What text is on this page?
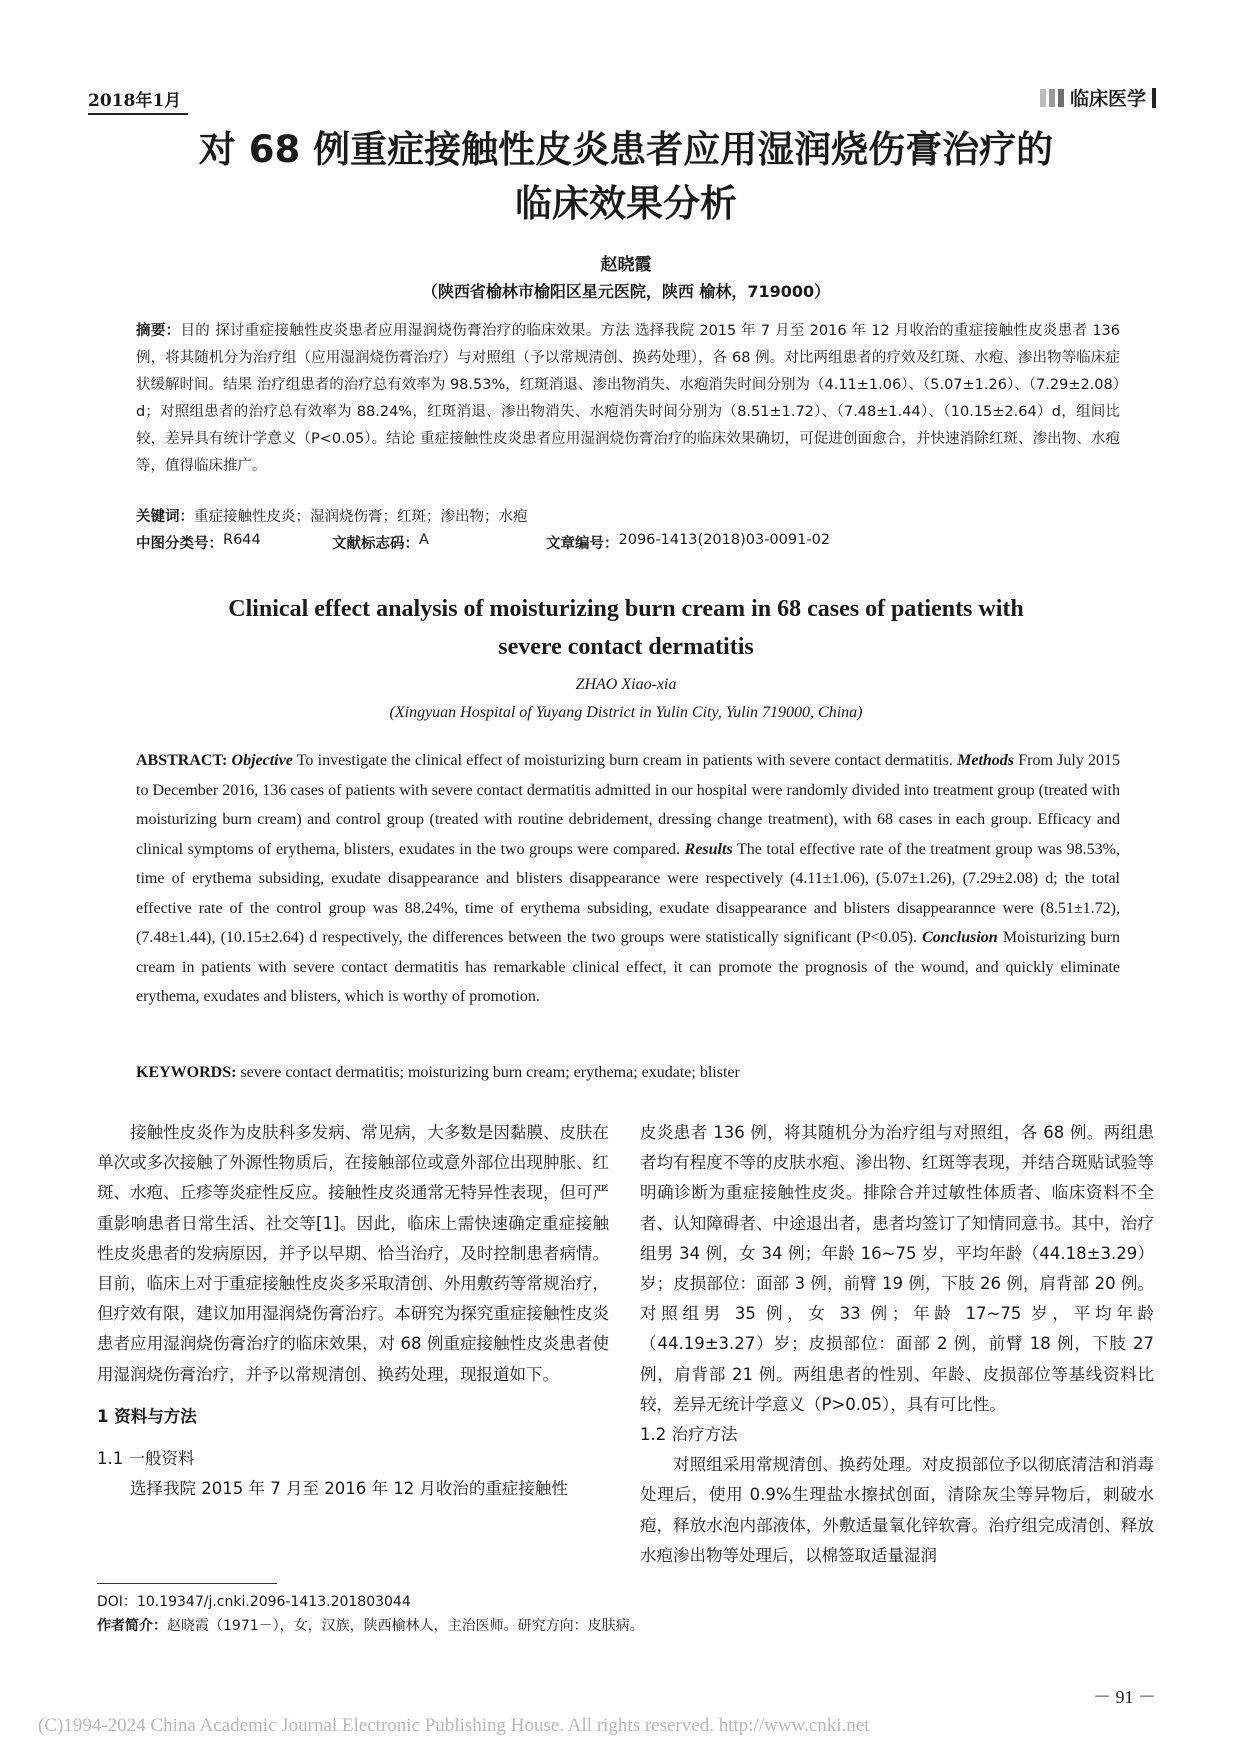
2018年1月	临床医学
对 68 例重症接触性皮炎患者应用湿润烧伤膏治疗的
临床效果分析
赵晓霞
（陕西省榆林市榆阳区星元医院，陕西 榆林，719000）
摘要：目的 探讨重症接触性皮炎患者应用湿润烧伤膏治疗的临床效果。方法 选择我院 2015 年 7 月至 2016 年 12 月收治的重症接触性皮炎患者 136 例，将其随机分为治疗组（应用湿润烧伤膏治疗）与对照组（予以常规清创、换药处理），各 68 例。对比两组患者的疗效及红斑、水疱、渗出物等临床症状缓解时间。结果 治疗组患者的治疗总有效率为 98.53%，红斑消退、渗出物消失、水疱消失时间分别为（4.11±1.06）、（5.07±1.26）、（7.29±2.08）d；对照组患者的治疗总有效率为 88.24%，红斑消退、渗出物消失、水疱消失时间分别为（8.51±1.72）、（7.48±1.44）、（10.15±2.64）d，组间比较，差异具有统计学意义（P<0.05）。结论 重症接触性皮炎患者应用湿润烧伤膏治疗的临床效果确切，可促进创面愈合，并快速消除红斑、渗出物、水疱等，值得临床推广。
关键词：重症接触性皮炎；湿润烧伤膏；红斑；渗出物；水疱
中图分类号： R644	文献标志码： A	文章编号： 2096-1413(2018)03-0091-02
Clinical effect analysis of moisturizing burn cream in 68 cases of patients with
severe contact dermatitis
ZHAO Xiao-xia
(Xingyuan Hospital of Yuyang District in Yulin City, Yulin 719000, China)
ABSTRACT: Objective To investigate the clinical effect of moisturizing burn cream in patients with severe contact dermatitis. Methods From July 2015 to December 2016, 136 cases of patients with severe contact dermatitis admitted in our hospital were randomly divided into treatment group (treated with moisturizing burn cream) and control group (treated with routine debridement, dressing change treatment), with 68 cases in each group. Efficacy and clinical symptoms of erythema, blisters, exudates in the two groups were compared. Results The total effective rate of the treatment group was 98.53%, time of erythema subsiding, exudate disappearance and blisters disappearance were respectively (4.11±1.06), (5.07±1.26), (7.29±2.08) d; the total effective rate of the control group was 88.24%, time of erythema subsiding, exudate disappearance and blisters disappearannce were (8.51±1.72), (7.48±1.44), (10.15±2.64) d respectively, the differences between the two groups were statistically significant (P<0.05). Conclusion Moisturizing burn cream in patients with severe contact dermatitis has remarkable clinical effect, it can promote the prognosis of the wound, and quickly eliminate erythema, exudates and blisters, which is worthy of promotion.
KEYWORDS: severe contact dermatitis; moisturizing burn cream; erythema; exudate; blister

接触性皮炎作为皮肤科多发病、常见病，大多数是因黏膜、皮肤在单次或多次接触了外源性物质后，在接触部位或意外部位出现肿胀、红斑、水疱、丘疹等炎症性反应。接触性皮炎通常无特异性表现，但可严重影响患者日常生活、社交等[1]。因此，临床上需快速确定重症接触性皮炎患者的发病原因，并予以早期、恰当治疗，及时控制患者病情。目前，临床上对于重症接触性皮炎多采取清创、外用敷药等常规治疗，但疗效有限，建议加用湿润烧伤膏治疗。本研究为探究重症接触性皮炎患者应用湿润烧伤膏治疗的临床效果，对 68 例重症接触性皮炎患者使用湿润烧伤膏治疗，并予以常规清创、换药处理，现报道如下。

1 资料与方法
1.1 一般资料

选择我院 2015 年 7 月至 2016 年 12 月收治的重症接触性

皮炎患者 136 例，将其随机分为治疗组与对照组，各 68 例。两组患者均有程度不等的皮肤水疱、渗出物、红斑等表现，并结合斑贴试验等明确诊断为重症接触性皮炎。排除合并过敏性体质者、临床资料不全者、认知障碍者、中途退出者，患者均签订了知情同意书。其中，治疗组男 34 例，女 34 例；年龄 16~75 岁，平均年龄（44.18±3.29）岁；皮损部位：面部 3 例，前臂 19 例，下肢 26 例，肩背部 20 例。对照组男 35 例，女 33 例；年龄 17~75 岁，平均年龄（44.19±3.27）岁；皮损部位：面部 2 例，前臂 18 例，下肢 27 例，肩背部 21 例。两组患者的性别、年龄、皮损部位等基线资料比较，差异无统计学意义（P>0.05），具有可比性。

1.2 治疗方法

对照组采用常规清创、换药处理。对皮损部位予以彻底清洁和消毒处理后，使用 0.9%生理盐水擦拭创面，清除灰尘等异物后，刺破水疱，释放水泡内部液体，外敷适量氧化锌软膏。治疗组完成清创、释放水疱渗出物等处理后，以棉签取适量湿润

DOI：10.19347/j.cnki.2096-1413.201803044
作者简介：赵晓霞（1971－），女，汉族，陕西榆林人，主治医师。研究方向：皮肤病。
－ 91 －
(C)1994-2024 China Academic Journal Electronic Publishing House. All rights reserved. http://www.cnki.net
